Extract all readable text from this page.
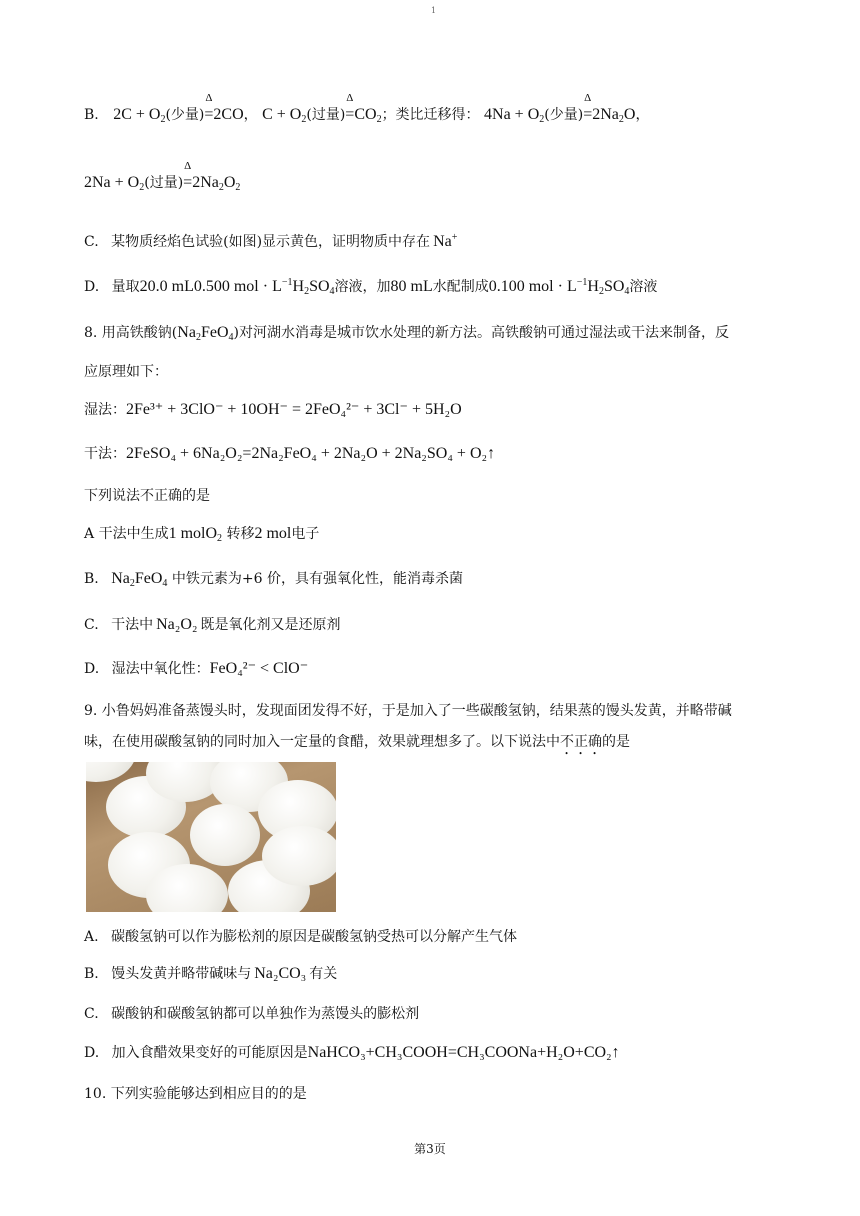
1
B. $2C + O_2$(少量)
Δ
=2CO， $C + O_2$(过量)
Δ
$=CO_2$；类比迁移得： $4Na + O_2$(少量)
Δ
$=2Na_2O$，
$2Na + O_2$(过量)
Δ
$=2Na_2O_2$
C. 某物质经焰色试验(如图)显示黄色，证明物质中存在 Na+
D. 量取20.0 mL0.500 mol · $L^{-1}H_2SO_4$溶液，加80 mL水配制成0.100 mol · $L^{-1}H_2SO_4$溶液
8. 用高铁酸钠$(Na_2FeO_4)$对河湖水消毒是城市饮水处理的新方法。高铁酸钠可通过湿法或干法来制备，反
应原理如下：
湿法：2Fe³⁺ + 3ClO⁻ + 10OH⁻ = 2FeO₄²⁻ + 3Cl⁻ + 5H₂O
干法：2FeSO₄ + 6Na₂O₂=2Na₂FeO₄ + 2Na₂O + 2Na₂SO₄ + O₂↑
下列说法不正确的是
A 干法中生成1 molO$_2$ 转移2 mol电子
B. $Na_2FeO_4$ 中铁元素为+6 价，具有强氧化性，能消毒杀菌
C. 干法中 Na₂O₂ 既是氧化剂又是还原剂
D. 湿法中氧化性：FeO₄²⁻ < ClO⁻
9. 小鲁妈妈准备蒸馒头时，发现面团发得不好，于是加入了一些碳酸氢钠，结果蒸的馒头发黄，并略带碱
味，在使用碳酸氢钠的同时加入一定量的食醋，效果就理想多了。以下说法中不正确的是
A. 碳酸氢钠可以作为膨松剂的原因是碳酸氢钠受热可以分解产生气体
B. 馒头发黄并略带碱味与 Na₂CO₃ 有关
C. 碳酸钠和碳酸氢钠都可以单独作为蒸馒头的膨松剂
D. 加入食醋效果变好的可能原因是NaHCO₃+CH₃COOH=CH₃COONa+H₂O+CO₂↑
10. 下列实验能够达到相应目的的是
第3页
